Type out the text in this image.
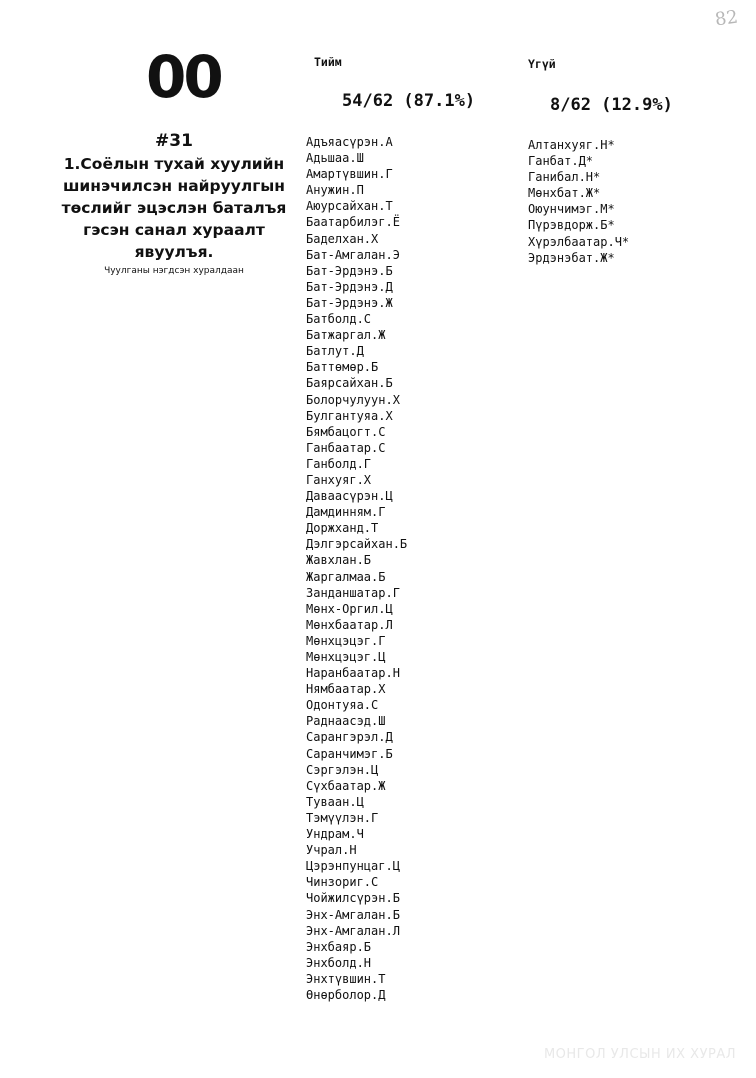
82
00
#31
1.Соёлын тухай хуулийн шинэчилсэн найруулгын төслийг эцэслэн баталъя гэсэн санал хураалт явуулъя.
Чуулганы нэгдсэн хуралдаан
Тийм
54/62 (87.1%)
Адъяасүрэн.А
Адьшаа.Ш
Амартүвшин.Г
Анужин.П
Аюурсайхан.Т
Баатарбилэг.Ё
Баделхан.Х
Бат-Амгалан.Э
Бат-Эрдэнэ.Б
Бат-Эрдэнэ.Д
Бат-Эрдэнэ.Ж
Батболд.С
Батжаргал.Ж
Батлут.Д
Баттөмөр.Б
Баярсайхан.Б
Болорчулуун.Х
Булгантуяа.Х
Бямбацогт.С
Ганбаатар.С
Ганболд.Г
Ганхуяг.Х
Даваасүрэн.Ц
Дамдинням.Г
Доржханд.Т
Дэлгэрсайхан.Б
Жавхлан.Б
Жаргалмаа.Б
Занданшатар.Г
Мөнх-Оргил.Ц
Мөнхбаатар.Л
Мөнхцэцэг.Г
Мөнхцэцэг.Ц
Наранбаатар.Н
Нямбаатар.Х
Одонтуяа.С
Раднаасэд.Ш
Сарангэрэл.Д
Саранчимэг.Б
Сэргэлэн.Ц
Сүхбаатар.Ж
Туваан.Ц
Тэмүүлэн.Г
Ундрам.Ч
Учрал.Н
Цэрэнпунцаг.Ц
Чинзориг.С
Чойжилсүрэн.Б
Энх-Амгалан.Б
Энх-Амгалан.Л
Энхбаяр.Б
Энхболд.Н
Энхтүвшин.Т
Өнөрболор.Д
Үгүй
8/62 (12.9%)
Алтанхуяг.Н*
Ганбат.Д*
Ганибал.Н*
Мөнхбат.Ж*
Оюунчимэг.М*
Пүрэвдорж.Б*
Хүрэлбаатар.Ч*
Эрдэнэбат.Ж*
МОНГОЛ УЛСЫН ИХ ХУРАЛ
